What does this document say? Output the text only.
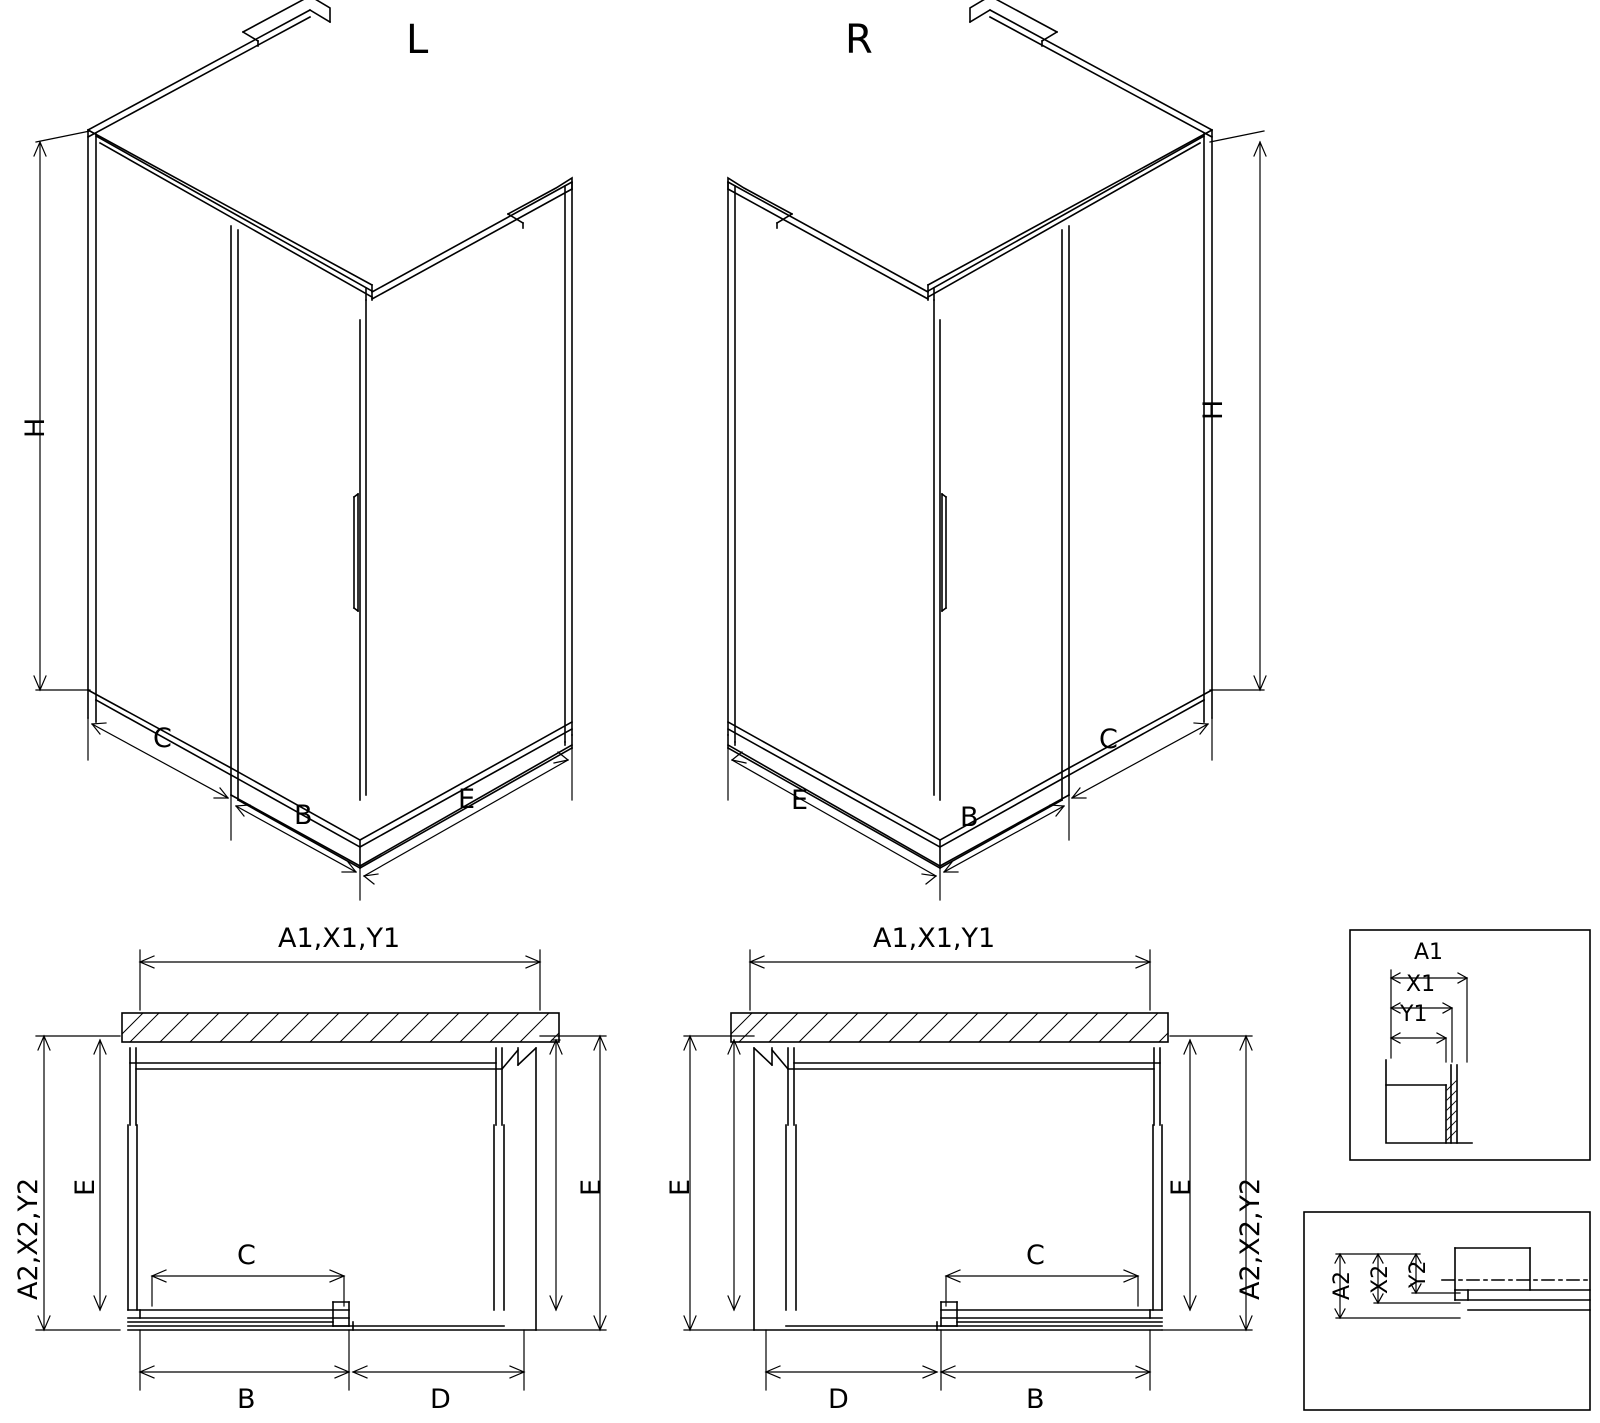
L	R
H
C
B
E
H
C
B
E
A1,X1,Y1
A2,X2,Y2 E	E	A2,X2,Y2
C
B	D
A1,X1,Y1
E	E
C
B
D
A1
X1
Y1
A2 X2 Y2
